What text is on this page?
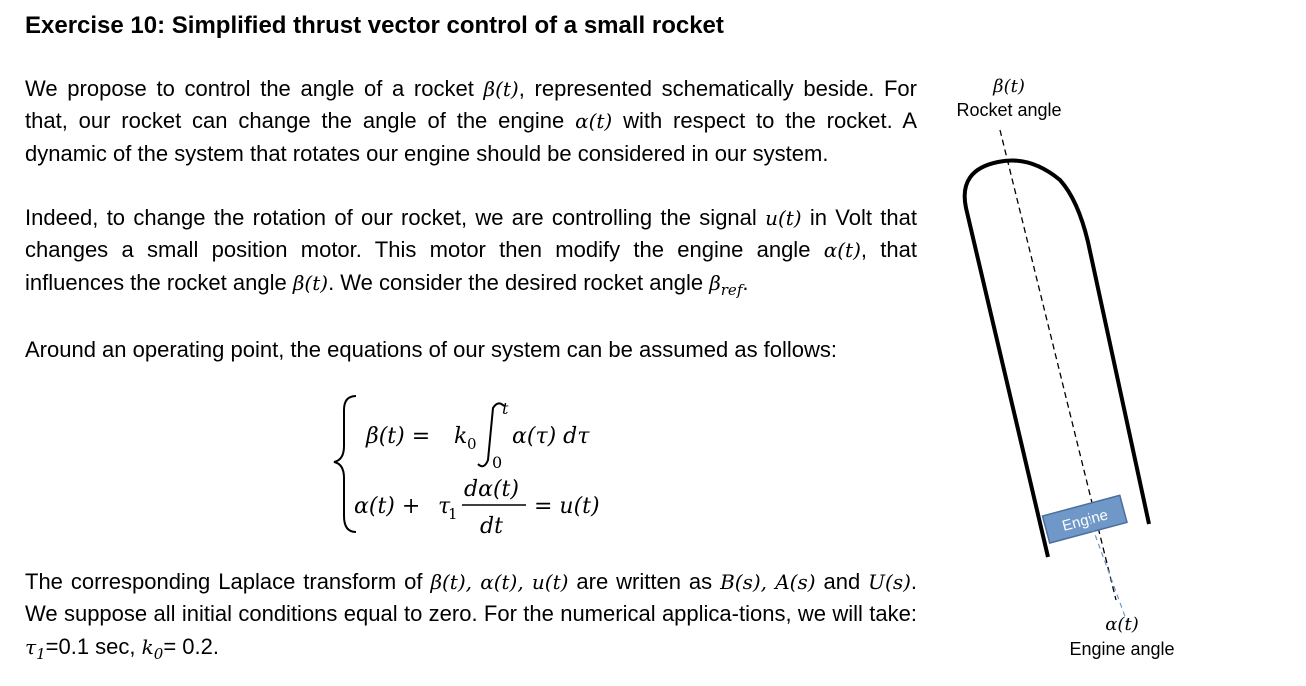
Exercise 10: Simplified thrust vector control of a small rocket
We propose to control the angle of a rocket β(t), represented schematically beside. For that, our rocket can change the angle of the engine α(t) with respect to the rocket. A dynamic of the system that rotates our engine should be considered in our system.
Indeed, to change the rotation of our rocket, we are controlling the signal u(t) in Volt that changes a small position motor. This motor then modify the engine angle α(t), that influences the rocket angle β(t). We consider the desired rocket angle $\beta_{ref}$.
Around an operating point, the equations of our system can be assumed as follows:
β(t) = k 0
t
0
α(τ) dτ
α(t) + τ
1
dα(t)
dt
= u(t)
The corresponding Laplace transform of β(t), α(t), u(t) are written as B(s), A(s) and U(s). We suppose all initial conditions equal to zero. For the numerical applica-tions, we will take: $\tau_1=0.1$ sec, $k_0= 0.2$.
β(t)
Rocket angle
Engine
α(t)
Engine angle
